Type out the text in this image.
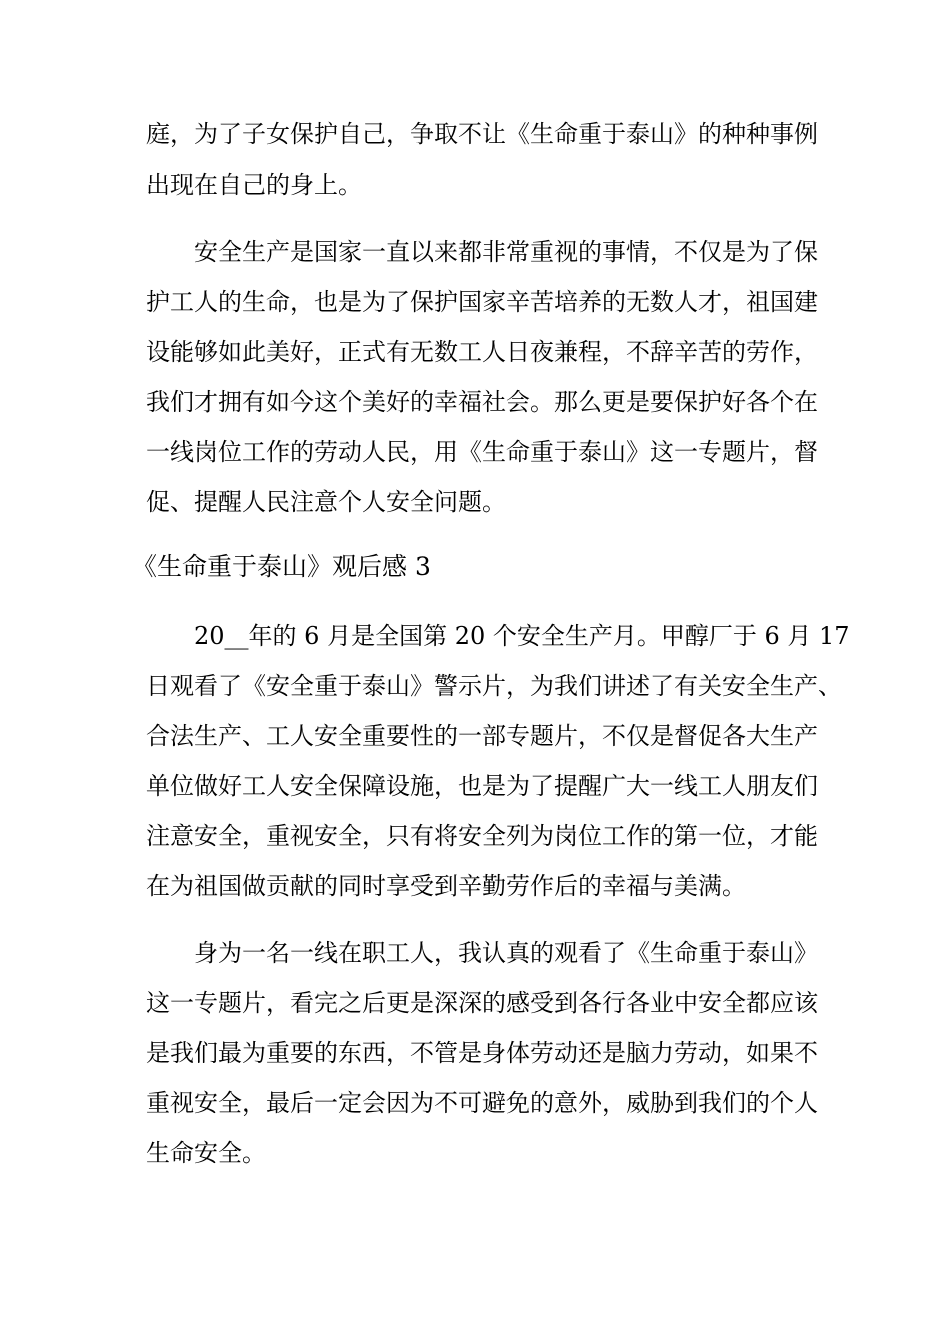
庭，为了子女保护自己，争取不让《生命重于泰山》的种种事例
出现在自己的身上。
安全生产是国家一直以来都非常重视的事情，不仅是为了保
护工人的生命，也是为了保护国家辛苦培养的无数人才，祖国建
设能够如此美好，正式有无数工人日夜兼程，不辞辛苦的劳作，
我们才拥有如今这个美好的幸福社会。那么更是要保护好各个在
一线岗位工作的劳动人民，用《生命重于泰山》这一专题片，督
促、提醒人民注意个人安全问题。
《生命重于泰山》观后感 3
20__年的 6 月是全国第 20 个安全生产月。甲醇厂于 6 月 17
日观看了《安全重于泰山》警示片，为我们讲述了有关安全生产、
合法生产、工人安全重要性的一部专题片，不仅是督促各大生产
单位做好工人安全保障设施，也是为了提醒广大一线工人朋友们
注意安全，重视安全，只有将安全列为岗位工作的第一位，才能
在为祖国做贡献的同时享受到辛勤劳作后的幸福与美满。
身为一名一线在职工人，我认真的观看了《生命重于泰山》
这一专题片，看完之后更是深深的感受到各行各业中安全都应该
是我们最为重要的东西，不管是身体劳动还是脑力劳动，如果不
重视安全，最后一定会因为不可避免的意外，威胁到我们的个人
生命安全。
